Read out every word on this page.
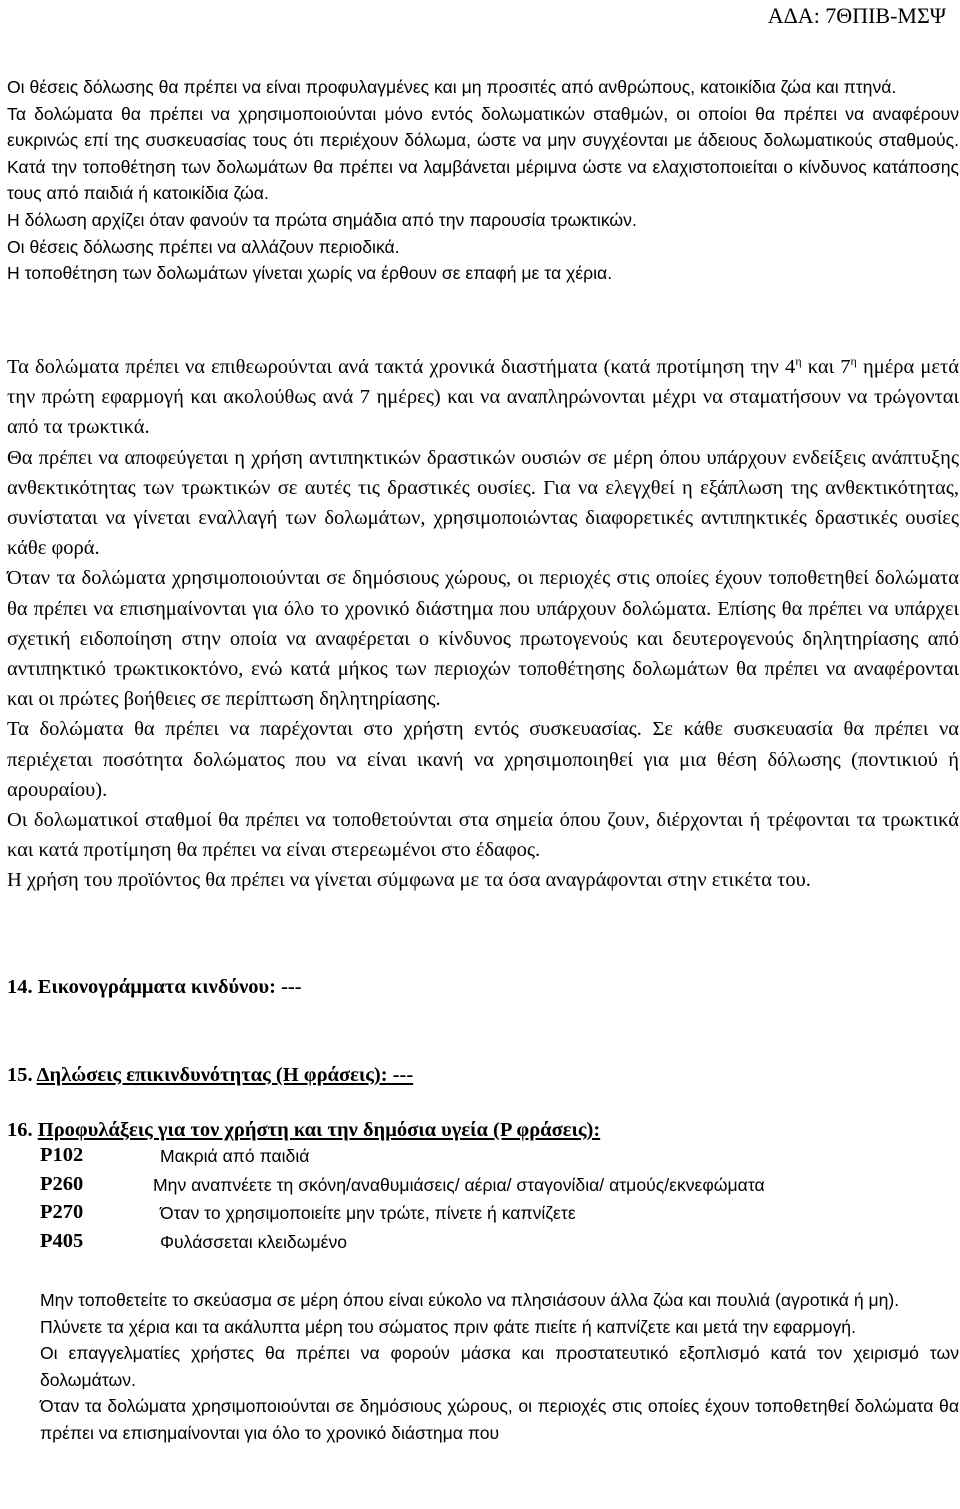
ΑΔΑ: 7ΘΠΙΒ-ΜΣΨ

Οι θέσεις δόλωσης θα πρέπει να είναι προφυλαγμένες και μη προσιτές από ανθρώπους, κατοικίδια ζώα και πτηνά.

Τα δολώματα θα πρέπει να χρησιμοποιούνται μόνο εντός δολωματικών σταθμών, οι οποίοι θα πρέπει να αναφέρουν ευκρινώς επί της συσκευασίας τους ότι περιέχουν δόλωμα, ώστε να μην συγχέονται με άδειους δολωματικούς σταθμούς. Κατά την τοποθέτηση των δολωμάτων θα πρέπει να λαμβάνεται μέριμνα ώστε να ελαχιστοποιείται ο κίνδυνος κατάποσης τους από παιδιά ή κατοικίδια ζώα.

Η δόλωση αρχίζει όταν φανούν τα πρώτα σημάδια από την παρουσία τρωκτικών.

Οι θέσεις δόλωσης πρέπει να αλλάζουν περιοδικά.

Η τοποθέτηση των δολωμάτων γίνεται χωρίς να έρθουν σε επαφή με τα χέρια.

Τα δολώματα πρέπει να επιθεωρούνται ανά τακτά χρονικά διαστήματα (κατά προτίμηση την $4^\eta$ και $7^\eta$ ημέρα μετά την πρώτη εφαρμογή και ακολούθως ανά 7 ημέρες) και να αναπληρώνονται μέχρι να σταματήσουν να τρώγονται από τα τρωκτικά.

Θα πρέπει να αποφεύγεται η χρήση αντιπηκτικών δραστικών ουσιών σε μέρη όπου υπάρχουν ενδείξεις ανάπτυξης ανθεκτικότητας των τρωκτικών σε αυτές τις δραστικές ουσίες. Για να ελεγχθεί η εξάπλωση της ανθεκτικότητας, συνίσταται να γίνεται εναλλαγή των δολωμάτων, χρησιμοποιώντας διαφορετικές αντιπηκτικές δραστικές ουσίες κάθε φορά.

Όταν τα δολώματα χρησιμοποιούνται σε δημόσιους χώρους, οι περιοχές στις οποίες έχουν τοποθετηθεί δολώματα θα πρέπει να επισημαίνονται για όλο το χρονικό διάστημα που υπάρχουν δολώματα. Επίσης θα πρέπει να υπάρχει σχετική ειδοποίηση στην οποία να αναφέρεται ο κίνδυνος πρωτογενούς και δευτερογενούς δηλητηρίασης από αντιπηκτικό τρωκτικοκτόνο, ενώ κατά μήκος των περιοχών τοποθέτησης δολωμάτων θα πρέπει να αναφέρονται και οι πρώτες βοήθειες σε περίπτωση δηλητηρίασης.

Τα δολώματα θα πρέπει να παρέχονται στο χρήστη εντός συσκευασίας. Σε κάθε συσκευασία θα πρέπει να περιέχεται ποσότητα δολώματος που να είναι ικανή να χρησιμοποιηθεί για μια θέση δόλωσης (ποντικιού ή αρουραίου).

Οι δολωματικοί σταθμοί θα πρέπει να τοποθετούνται στα σημεία όπου ζουν, διέρχονται ή τρέφονται τα τρωκτικά και κατά προτίμηση θα πρέπει να είναι στερεωμένοι στο έδαφος.

Η χρήση του προϊόντος θα πρέπει να γίνεται σύμφωνα με τα όσα αναγράφονται στην ετικέτα του.

14. Εικονογράμματα κινδύνου: ---
15. Δηλώσεις επικινδυνότητας (Η φράσεις): ---
16. Προφυλάξεις για τον χρήστη και την δημόσια υγεία (Ρ φράσεις):
Ρ102	Μακριά από παιδιά
Ρ260	Μην αναπνέετε τη σκόνη/αναθυμιάσεις/ αέρια/ σταγονίδια/ ατμούς/εκνεφώματα
Ρ270	Όταν το χρησιμοποιείτε μην τρώτε, πίνετε ή καπνίζετε
Ρ405	Φυλάσσεται κλειδωμένο

Μην τοποθετείτε το σκεύασμα σε μέρη όπου είναι εύκολο να πλησιάσουν άλλα ζώα και πουλιά (αγροτικά ή μη).

Πλύνετε τα χέρια και τα ακάλυπτα μέρη του σώματος πριν φάτε πιείτε ή καπνίζετε και μετά την εφαρμογή.

Οι επαγγελματίες χρήστες θα πρέπει να φορούν μάσκα και προστατευτικό εξοπλισμό κατά τον χειρισμό των δολωμάτων.

Όταν τα δολώματα χρησιμοποιούνται σε δημόσιους χώρους, οι περιοχές στις οποίες έχουν τοποθετηθεί δολώματα θα πρέπει να επισημαίνονται για όλο το χρονικό διάστημα που
